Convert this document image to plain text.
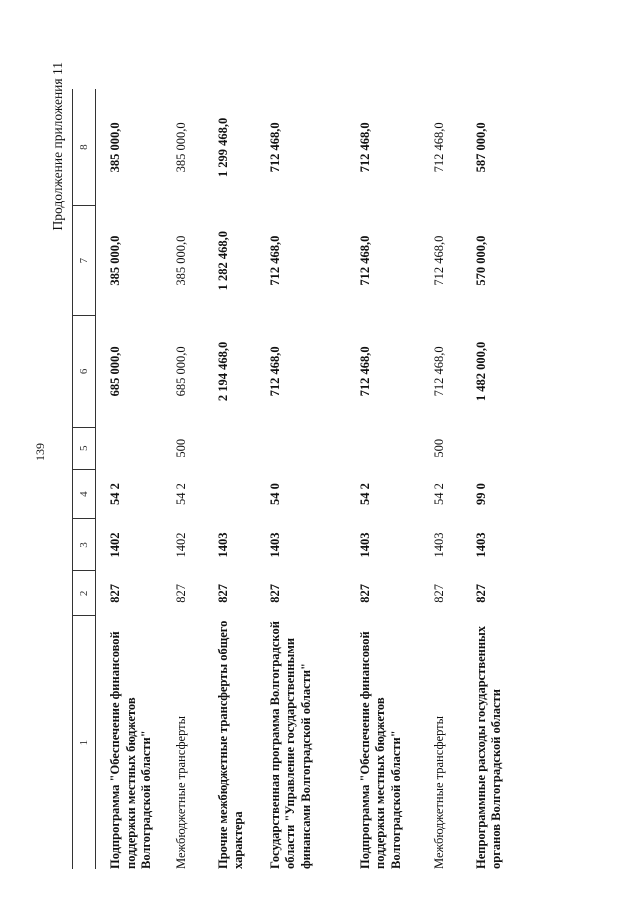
139
Продолжение приложения 11
1	2	3	4	5	6	7	8
Подпрограмма "Обеспечение финансовой поддержки местных бюджетов Волгоградской области"	827	1402	54 2		685 000,0	385 000,0	385 000,0
Межбюджетные трансферты	827	1402	54 2	500	685 000,0	385 000,0	385 000,0
Прочие межбюджетные трансферты общего характера	827	1403			2 194 468,0	1 282 468,0	1 299 468,0
Государственная программа Волгоградской области "Управление государственными финансами Волгоградской области"	827	1403	54 0		712 468,0	712 468,0	712 468,0
Подпрограмма "Обеспечение финансовой поддержки местных бюджетов Волгоградской области"	827	1403	54 2		712 468,0	712 468,0	712 468,0
Межбюджетные трансферты	827	1403	54 2	500	712 468,0	712 468,0	712 468,0
Непрограммные расходы государственных органов Волгоградской области	827	1403	99 0		1 482 000,0	570 000,0	587 000,0
